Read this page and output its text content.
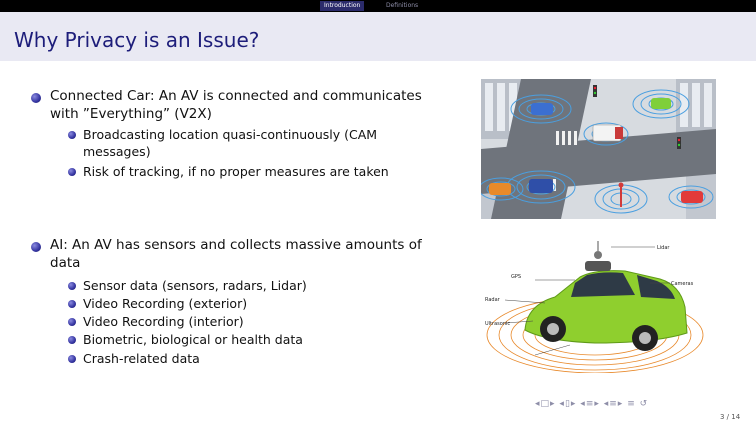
Introduction	Definitions
Why Privacy is an Issue?
Connected Car: An AV is connected and communicates with ”Everything” (V2X)
Broadcasting location quasi-continuously (CAM messages)
Risk of tracking, if no proper measures are taken
AI: An AV has sensors and collects massive amounts of data
Sensor data (sensors, radars, Lidar)
Video Recording (exterior)
Video Recording (interior)
Biometric, biological or health data
Crash-related data
Lidar
Cameras
GPS
Radar
Ultrasonic
◂□▸ ◂▯▸ ◂≡▸ ◂≡▸ ≡ ↺
3 / 14
